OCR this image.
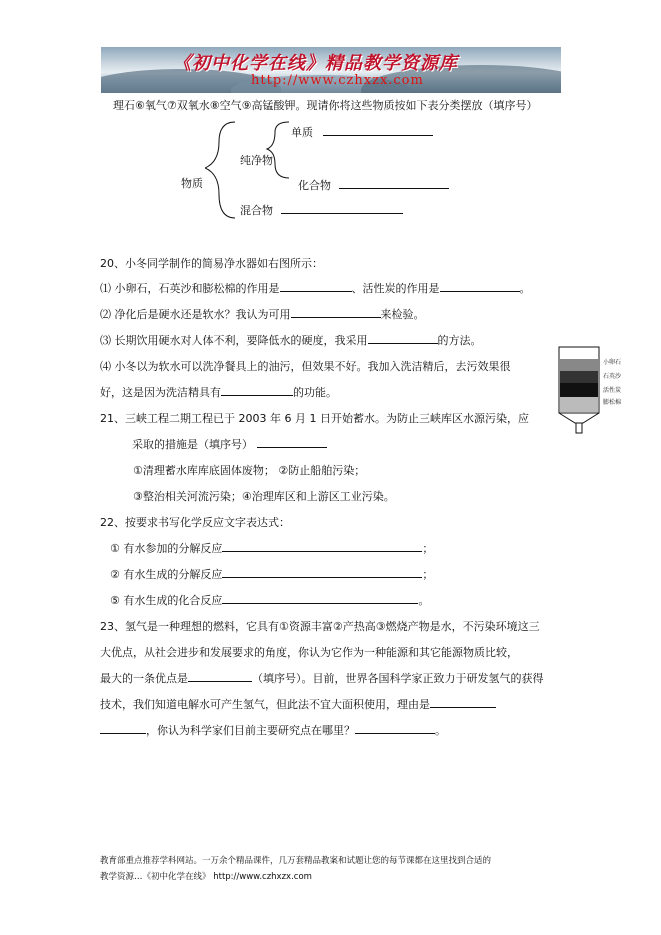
《初中化学在线》精品教学资源库
http://www.czhxzx.com
理石⑥氧气⑦双氧水⑧空气⑨高锰酸钾。现请你将这些物质按如下表分类摆放（填序号）
物质
纯净物
单质
化合物
混合物
20、小冬同学制作的简易净水器如右图所示：
⑴ 小卵石，石英沙和膨松棉的作用是	、活性炭的作用是	。
⑵ 净化后是硬水还是软水？我认为可用	来检验。
⑶ 长期饮用硬水对人体不利，要降低水的硬度，我采用	的方法。
⑷ 小冬以为软水可以洗净餐具上的油污，但效果不好。我加入洗洁精后，去污效果很
好，这是因为洗洁精具有	的功能。
小卵石
石英沙
活性炭
膨松棉
21、三峡工程二期工程已于 2003 年 6 月 1 日开始蓄水。为防止三峡库区水源污染，应
采取的措施是（填序号）
①清理蓄水库库底固体废物； ②防止船舶污染；
③整治相关河流污染；④治理库区和上游区工业污染。
22、按要求书写化学反应文字表达式：
① 有水参加的分解反应	；
② 有水生成的分解反应	；
⑤ 有水生成的化合反应	。
23、氢气是一种理想的燃料，它具有①资源丰富②产热高③燃烧产物是水，不污染环境这三
大优点，从社会进步和发展要求的角度，你认为它作为一种能源和其它能源物质比较，
最大的一条优点是	（填序号）。目前，世界各国科学家正致力于研发氢气的获得
技术，我们知道电解水可产生氢气，但此法不宜大面积使用，理由是
，你认为科学家们目前主要研究点在哪里？	。
教育部重点推荐学科网站。一万余个精品课件，几万套精品教案和试题让您的每节课都在这里找到合适的
教学资源…《初中化学在线》 http://www.czhxzx.com
